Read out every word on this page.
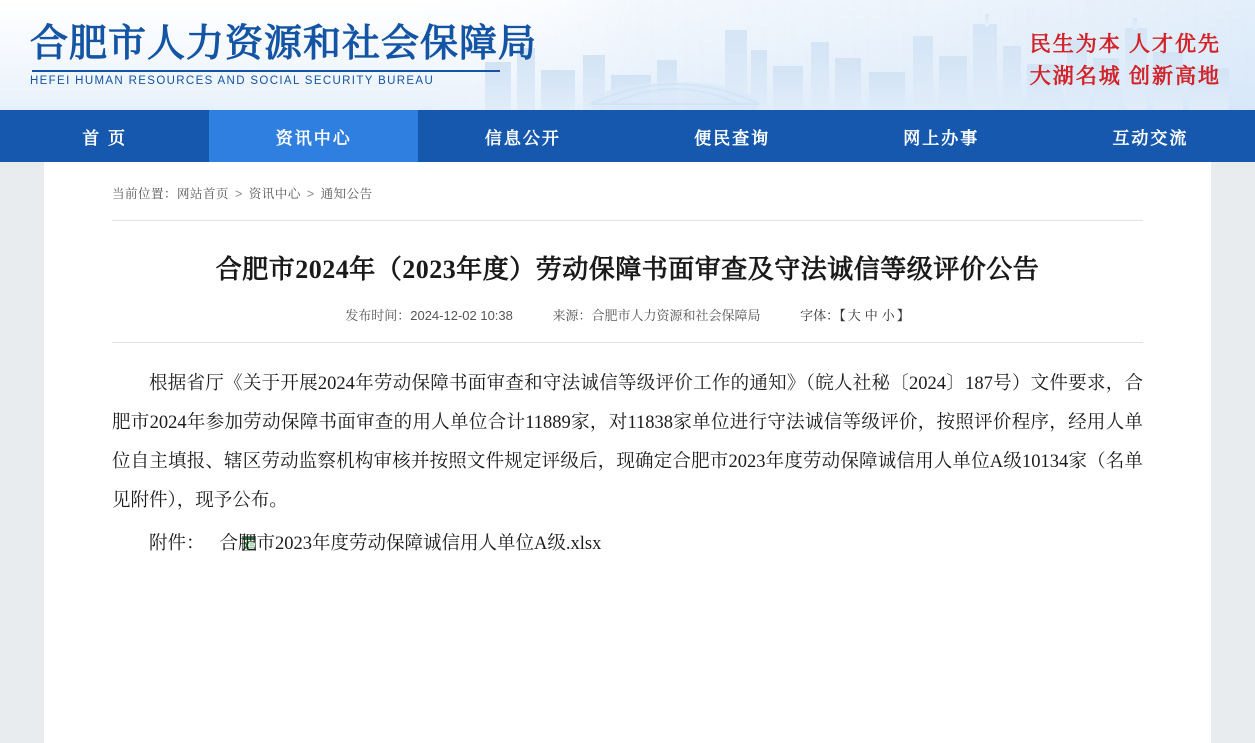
合肥市人力资源和社会保障局
HEFEI HUMAN RESOURCES AND SOCIAL SECURITY BUREAU
民生为本 人才优先
大湖名城 创新高地
首 页	资讯中心	信息公开	便民查询	网上办事	互动交流
当前位置：网站首页 > 资讯中心 > 通知公告
合肥市2024年（2023年度）劳动保障书面审查及守法诚信等级评价公告
发布时间：2024-12-02 10:38	来源：合肥市人力资源和社会保障局	字体：【 大 中 小 】

根据省厅《关于开展2024年劳动保障书面审查和守法诚信等级评价工作的通知》（皖人社秘〔2024〕187号）文件要求，合肥市2024年参加劳动保障书面审查的用人单位合计11889家，对11838家单位进行守法诚信等级评价，按照评价程序，经用人单位自主填报、辖区劳动监察机构审核并按照文件规定评级后，现确定合肥市2023年度劳动保障诚信用人单位A级10134家（名单见附件），现予公布。

附件： 合肥市2023年度劳动保障诚信用人单位A级.xlsx
